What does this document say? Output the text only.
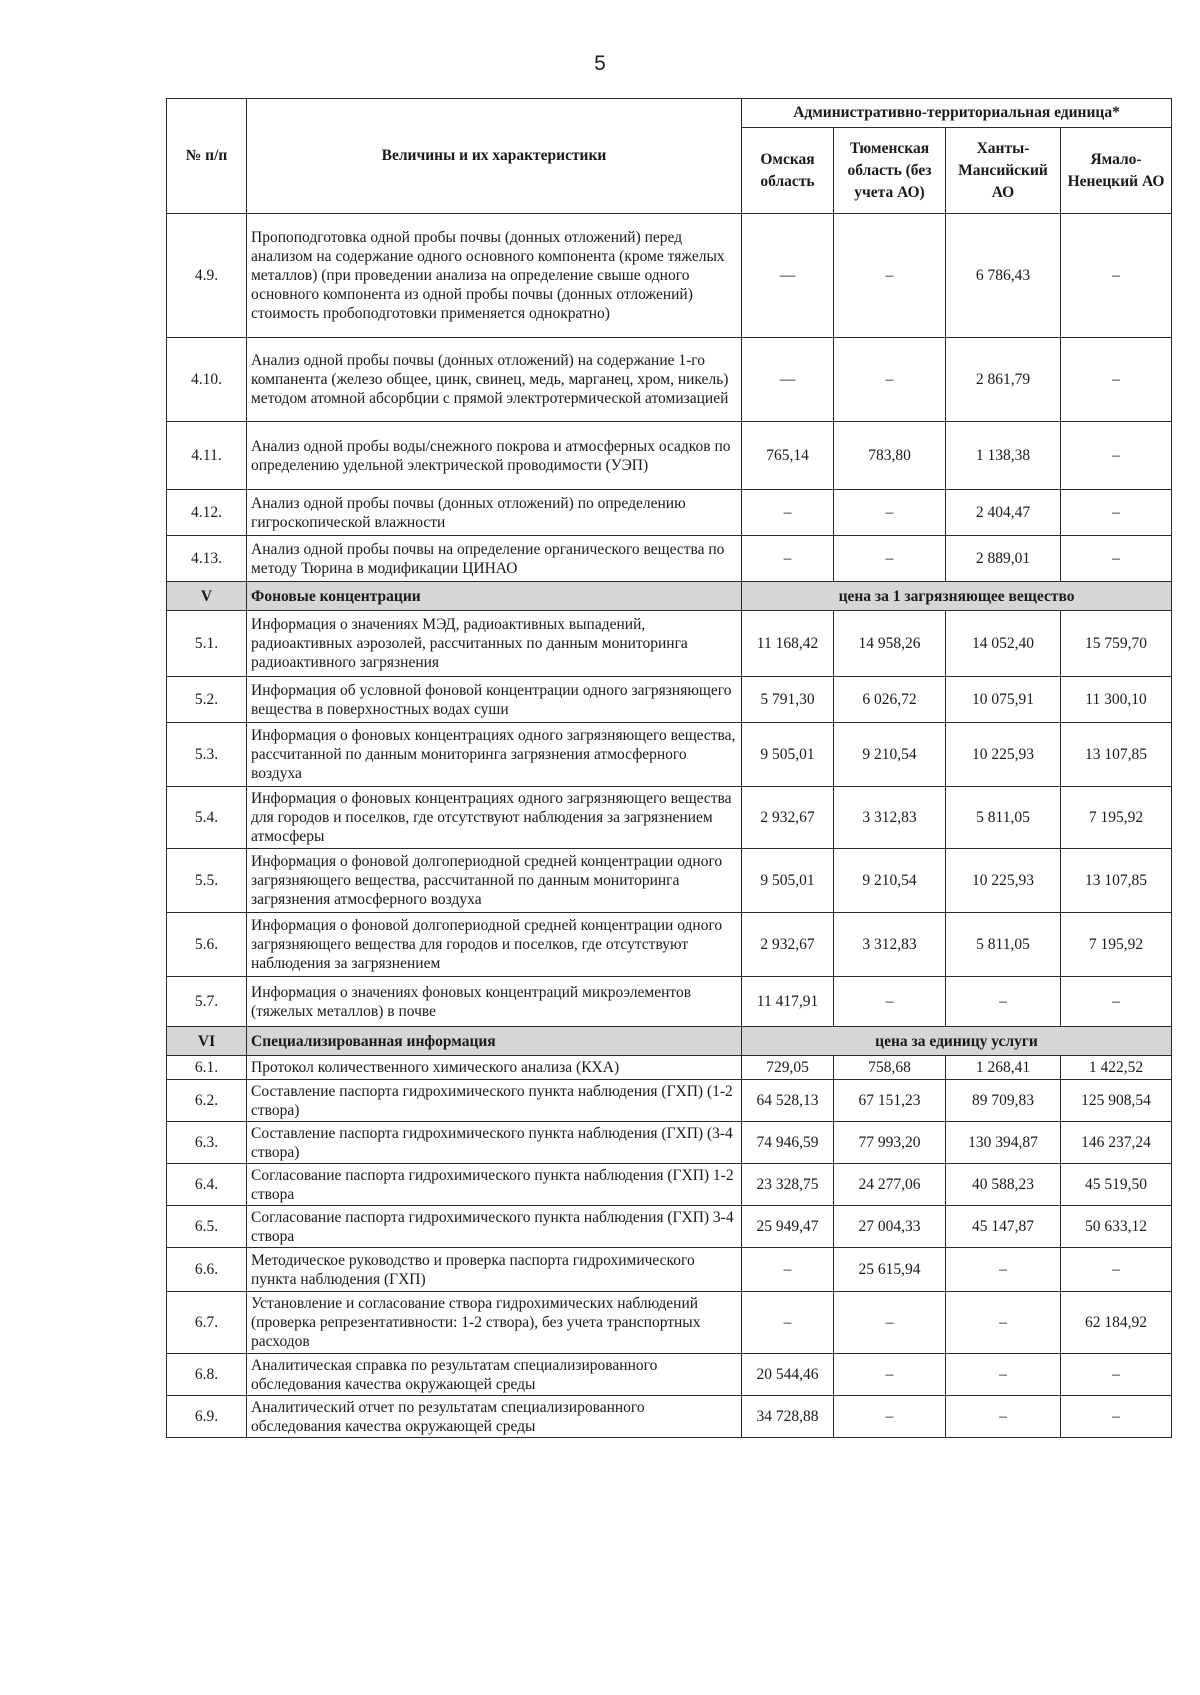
5
№ п/п	Величины и их характеристики	Административно-территориальная единица*			
		Омская область	Тюменская область (без учета АО)	Ханты-Мансийский АО	Ямало-Ненецкий АО
4.9.	Пропоподготовка одной пробы почвы (донных отложений) перед анализом на содержание одного основного компонента (кроме тяжелых металлов) (при проведении анализа на определение свыше одного основного компонента из одной пробы почвы (донных отложений) стоимость пробоподготовки применяется однократно)	—	–	6 786,43	–
4.10.	Анализ одной пробы почвы (донных отложений) на содержание 1-го компанента (железо общее, цинк, свинец, медь, марганец, хром, никель) методом атомной абсорбции с прямой электротермической атомизацией	—	–	2 861,79	–
4.11.	Анализ одной пробы воды/снежного покрова и атмосферных осадков по определению удельной электрической проводимости (УЭП)	765,14	783,80	1 138,38	–
4.12.	Анализ одной пробы почвы (донных отложений) по определению гигроскопической влажности	–	–	2 404,47	–
4.13.	Анализ одной пробы почвы на определение органического вещества по методу Тюрина в модификации ЦИНАО	–	–	2 889,01	–
V	Фоновые концентрации	цена за 1 загрязняющее вещество			
5.1.	Информация о значениях МЭД, радиоактивных выпадений, радиоактивных аэрозолей, рассчитанных по данным мониторинга радиоактивного загрязнения	11 168,42	14 958,26	14 052,40	15 759,70
5.2.	Информация об условной фоновой концентрации одного загрязняющего вещества в поверхностных водах суши	5 791,30	6 026,72	10 075,91	11 300,10
5.3.	Информация о фоновых концентрациях одного загрязняющего вещества, рассчитанной по данным мониторинга загрязнения атмосферного воздуха	9 505,01	9 210,54	10 225,93	13 107,85
5.4.	Информация о фоновых концентрациях одного загрязняющего вещества для городов и поселков, где отсутствуют наблюдения за загрязнением атмосферы	2 932,67	3 312,83	5 811,05	7 195,92
5.5.	Информация о фоновой долгопериодной средней концентрации одного загрязняющего вещества, рассчитанной по данным мониторинга загрязнения атмосферного воздуха	9 505,01	9 210,54	10 225,93	13 107,85
5.6.	Информация о фоновой долгопериодной средней концентрации одного загрязняющего вещества для городов и поселков, где отсутствуют наблюдения за загрязнением	2 932,67	3 312,83	5 811,05	7 195,92
5.7.	Информация о значениях фоновых концентраций микроэлементов (тяжелых металлов) в почве	11 417,91	–	–	–
VI	Специализированная информация	цена за единицу услуги			
6.1.	Протокол количественного химического анализа (КХА)	729,05	758,68	1 268,41	1 422,52
6.2.	Составление паспорта гидрохимического пункта наблюдения (ГХП) (1-2 створа)	64 528,13	67 151,23	89 709,83	125 908,54
6.3.	Составление паспорта гидрохимического пункта наблюдения (ГХП) (3-4 створа)	74 946,59	77 993,20	130 394,87	146 237,24
6.4.	Согласование паспорта гидрохимического пункта наблюдения (ГХП) 1-2 створа	23 328,75	24 277,06	40 588,23	45 519,50
6.5.	Согласование паспорта гидрохимического пункта наблюдения (ГХП) 3-4 створа	25 949,47	27 004,33	45 147,87	50 633,12
6.6.	Методическое руководство и проверка паспорта гидрохимического пункта наблюдения (ГХП)	–	25 615,94	–	–
6.7.	Установление и согласование створа гидрохимических наблюдений (проверка репрезентативности: 1-2 створа), без учета транспортных расходов	–	–	–	62 184,92
6.8.	Аналитическая справка по результатам специализированного обследования качества окружающей среды	20 544,46	–	–	–
6.9.	Аналитический отчет по результатам специализированного обследования качества окружающей среды	34 728,88	–	–	–
